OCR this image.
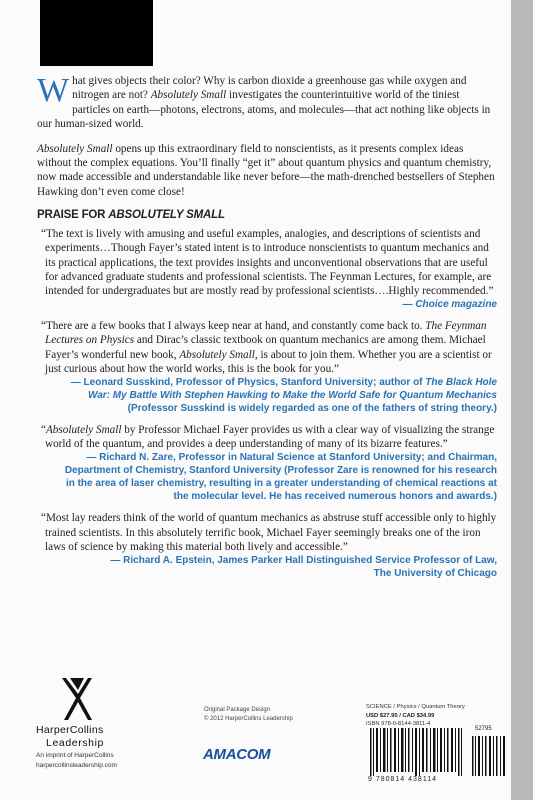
What gives objects their color? Why is carbon dioxide a greenhouse gas while oxygen and nitrogen are not? Absolutely Small investigates the counterintuitive world of the tiniest particles on earth—photons, electrons, atoms, and molecules—that act nothing like objects in our human-sized world.

Absolutely Small opens up this extraordinary field to nonscientists, as it presents complex ideas without the complex equations. You’ll finally “get it” about quantum physics and quantum chemistry, now made accessible and understandable like never before—the math-drenched bestsellers of Stephen Hawking don’t even come close!

PRAISE FOR ABSOLUTELY SMALL

“The text is lively with amusing and useful examples, analogies, and descriptions of scientists and experiments…Though Fayer’s stated intent is to introduce nonscientists to quantum mechanics and its practical applications, the text provides insights and unconventional observations that are useful for advanced graduate students and professional scientists. The Feynman Lectures, for example, are intended for undergraduates but are mostly read by professional scientists….Highly recommended.”

— Choice magazine

“There are a few books that I always keep near at hand, and constantly come back to. The Feynman Lectures on Physics and Dirac’s classic textbook on quantum mechanics are among them. Michael Fayer’s wonderful new book, Absolutely Small, is about to join them. Whether you are a scientist or just curious about how the world works, this is the book for you.”

— Leonard Susskind, Professor of Physics, Stanford University; author of The Black Hole War: My Battle With Stephen Hawking to Make the World Safe for Quantum Mechanics (Professor Susskind is widely regarded as one of the fathers of string theory.)

“Absolutely Small by Professor Michael Fayer provides us with a clear way of visualizing the strange world of the quantum, and provides a deep understanding of many of its bizarre features.”

— Richard N. Zare, Professor in Natural Science at Stanford University; and Chairman, Department of Chemistry, Stanford University (Professor Zare is renowned for his research in the area of laser chemistry, resulting in a greater understanding of chemical reactions at the molecular level. He has received numerous honors and awards.)

“Most lay readers think of the world of quantum mechanics as abstruse stuff accessible only to highly trained scientists. In this absolutely terrific book, Michael Fayer seemingly breaks one of the iron laws of science by making this material both lively and accessible.”

— Richard A. Epstein, James Parker Hall Distinguished Service Professor of Law,
The University of Chicago
HarperCollins
Leadership
An imprint of HarperCollins
harpercollinsleadership.com
Original Package Design
© 2012 HarperCollins Leadership
AMACOM
SCIENCE / Physics / Quantum Theory
USD $27.95 / CAD $34.99
ISBN 978-0-8144-3811-4
52795
9 780814 438114
